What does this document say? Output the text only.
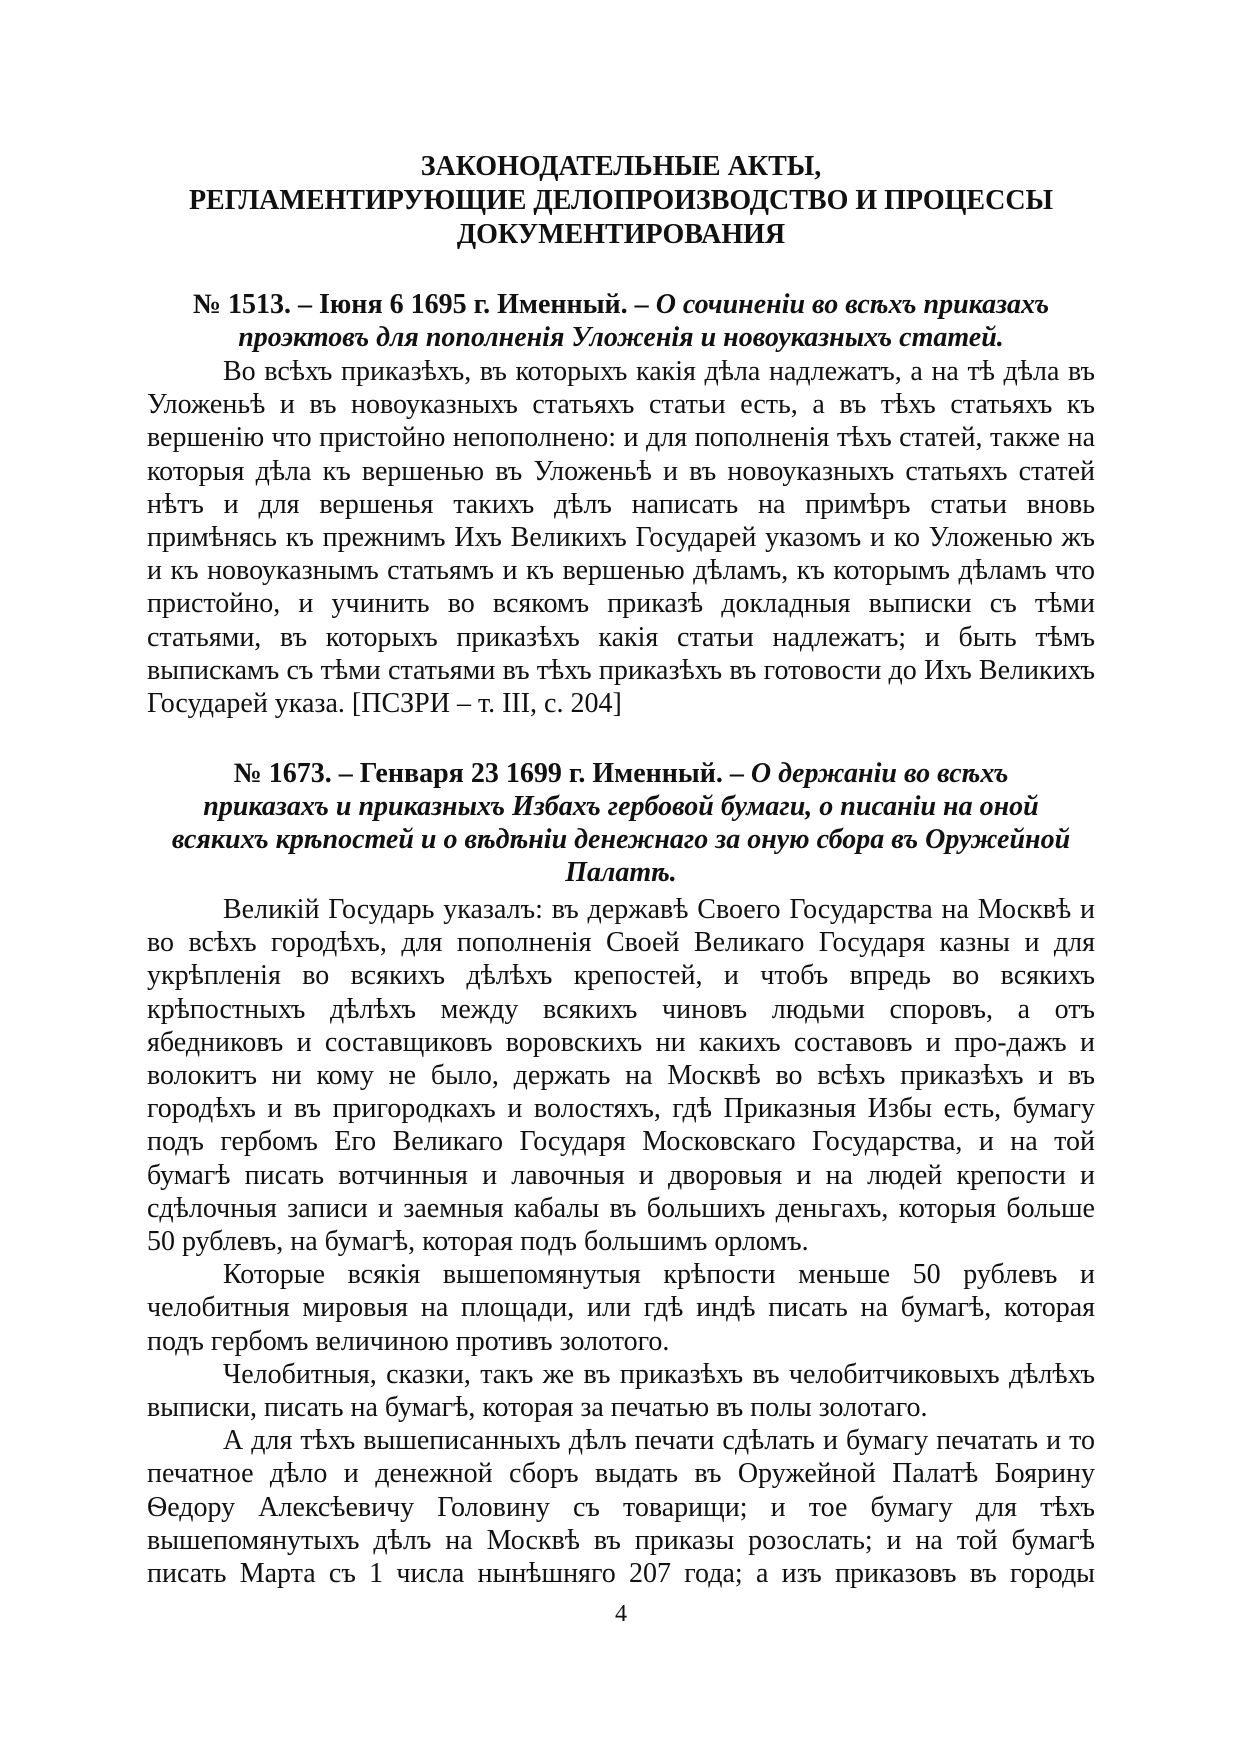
ЗАКОНОДАТЕЛЬНЫЕ АКТЫ,
РЕГЛАМЕНТИРУЮЩИЕ ДЕЛОПРОИЗВОДСТВО И ПРОЦЕССЫ
ДОКУМЕНТИРОВАНИЯ
№ 1513. – Іюня 6 1695 г. Именный. – О сочиненіи во всѣхъ приказахъ
проэктовъ для пополненія Уложенія и новоуказныхъ статей.

Во всѣхъ приказѣхъ, въ которыхъ какія дѣла надлежатъ, а на тѣ дѣла въ Уложеньѣ и въ новоуказныхъ статьяхъ статьи есть, а въ тѣхъ статьяхъ къ вершенію что пристойно непополнено: и для пополненія тѣхъ статей, также на которыя дѣла къ вершенью въ Уложеньѣ и въ новоуказныхъ статьяхъ статей нѣтъ и для вершенья такихъ дѣлъ написать на примѣръ статьи вновь примѣнясь къ прежнимъ Ихъ Великихъ Государей указомъ и ко Уложенью жъ и къ новоуказнымъ статьямъ и къ вершенью дѣламъ, къ которымъ дѣламъ что пристойно, и учинить во всякомъ приказѣ докладныя выписки съ тѣми статьями, въ которыхъ приказѣхъ какія статьи надлежатъ; и быть тѣмъ выпискамъ съ тѣми статьями въ тѣхъ приказѣхъ въ готовости до Ихъ Великихъ Государей указа. [ПСЗРИ – т. III, с. 204]

№ 1673. – Генваря 23 1699 г. Именный. – О держаніи во всѣхъ
приказахъ и приказныхъ Избахъ гербовой бумаги, о писаніи на оной
всякихъ крѣпостей и о вѣдѣніи денежнаго за оную сбора въ Оружейной
Палатѣ.

Великій Государь указалъ: въ державѣ Своего Государства на Москвѣ и во всѣхъ городѣхъ, для пополненія Своей Великаго Государя казны и для укрѣпленія во всякихъ дѣлѣхъ крепостей, и чтобъ впредь во всякихъ крѣпостныхъ дѣлѣхъ между всякихъ чиновъ людьми споровъ, а отъ ябедниковъ и составщиковъ воровскихъ ни какихъ составовъ и про-дажъ и волокитъ ни кому не было, держать на Москвѣ во всѣхъ приказѣхъ и въ городѣхъ и въ пригородкахъ и волостяхъ, гдѣ Приказныя Избы есть, бумагу подъ гербомъ Его Великаго Государя Московскаго Государства, и на той бумагѣ писать вотчинныя и лавочныя и дворовыя и на людей крепости и сдѣлочныя записи и заемныя кабалы въ большихъ деньгахъ, которыя больше 50 рублевъ, на бумагѣ, которая подъ большимъ орломъ.

Которые всякія вышепомянутыя крѣпости меньше 50 рублевъ и челобитныя мировыя на площади, или гдѣ индѣ писать на бумагѣ, которая подъ гербомъ величиною противъ золотого.

Челобитныя, сказки, такъ же въ приказѣхъ въ челобитчиковыхъ дѣлѣхъ выписки, писать на бумагѣ, которая за печатью въ полы золотаго.

А для тѣхъ вышеписанныхъ дѣлъ печати сдѣлать и бумагу печатать и то печатное дѣло и денежной сборъ выдать въ Оружейной Палатѣ Боярину Ѳедору Алексѣевичу Головину съ товарищи; и тое бумагу для тѣхъ вышепомянутыхъ дѣлъ на Москвѣ въ приказы розослать; и на той бумагѣ писать Марта съ 1 числа нынѣшняго 207 года; а изъ приказовъ въ городы

4
